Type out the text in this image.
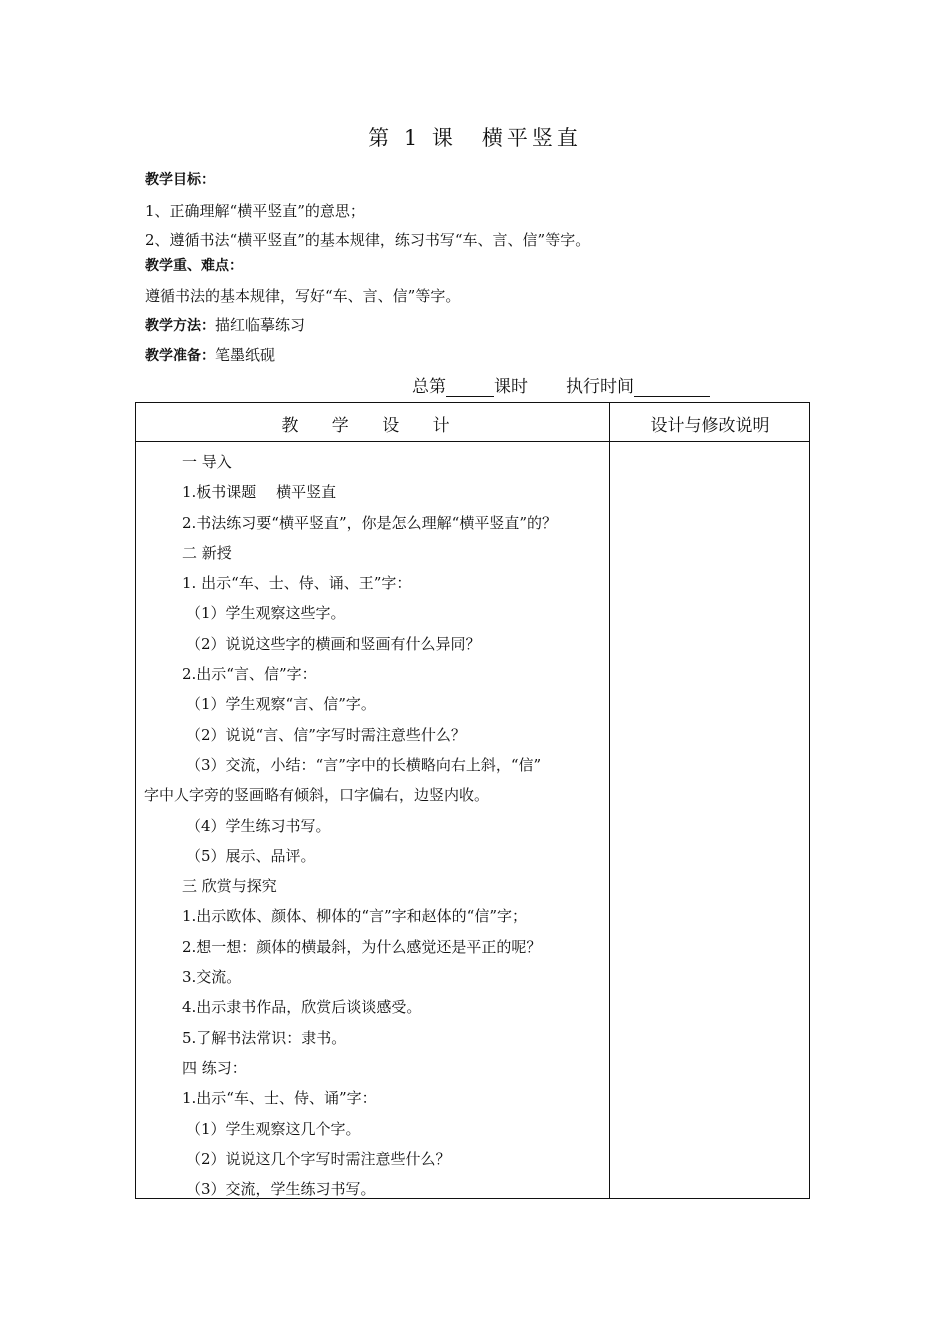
第 1 课　横平竖直
教学目标：
1、正确理解“横平竖直”的意思；
2、遵循书法“横平竖直”的基本规律，练习书写“车、言、信”等字。
教学重、难点：
遵循书法的基本规律，写好“车、言、信”等字。
教学方法：描红临摹练习
教学准备：笔墨纸砚
总第	课时 执行时间
教 学 设 计	设计与修改说明
一 导入
1.板书课题　 横平竖直
2.书法练习要“横平竖直”，你是怎么理解“横平竖直”的？
二 新授
1. 出示“车、士、侍、诵、王”字：
（1）学生观察这些字。
（2）说说这些字的横画和竖画有什么异同？
2.出示“言、信”字：
（1）学生观察“言、信”字。
（2）说说“言、信”字写时需注意些什么？
（3）交流，小结：“言”字中的长横略向右上斜，“信”
字中人字旁的竖画略有倾斜，口字偏右，边竖内收。
（4）学生练习书写。
（5）展示、品评。
三 欣赏与探究
1.出示欧体、颜体、柳体的“言”字和赵体的“信”字；
2.想一想：颜体的横最斜，为什么感觉还是平正的呢？
3.交流。
4.出示隶书作品，欣赏后谈谈感受。
5.了解书法常识：隶书。
四 练习：
1.出示“车、士、侍、诵”字：
（1）学生观察这几个字。
（2）说说这几个字写时需注意些什么？
（3）交流，学生练习书写。
